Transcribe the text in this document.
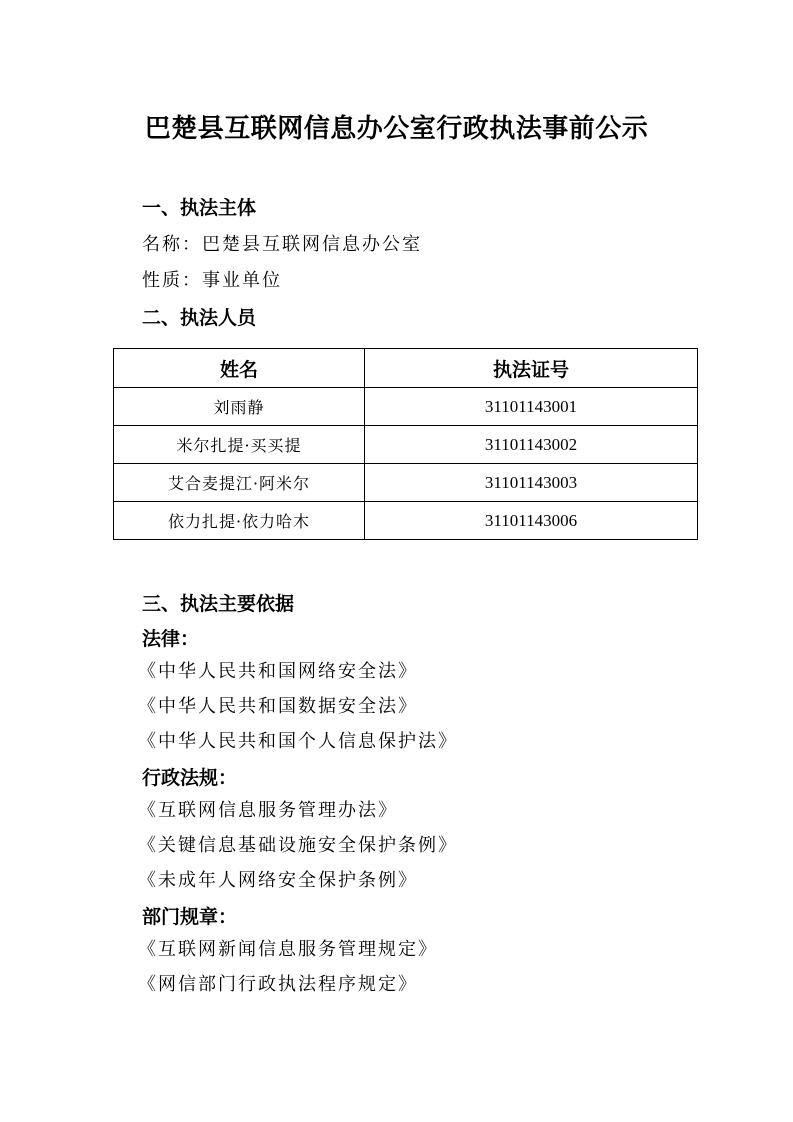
巴楚县互联网信息办公室行政执法事前公示

一、执法主体

名称：巴楚县互联网信息办公室

性质：事业单位

二、执法人员

姓名	执法证号
刘雨静	31101143001
米尔扎提·买买提	31101143002
艾合麦提江·阿米尔	31101143003
依力扎提·依力哈木	31101143006

三、执法主要依据

法律：

《中华人民共和国网络安全法》

《中华人民共和国数据安全法》

《中华人民共和国个人信息保护法》

行政法规：

《互联网信息服务管理办法》

《关键信息基础设施安全保护条例》

《未成年人网络安全保护条例》

部门规章：

《互联网新闻信息服务管理规定》

《网信部门行政执法程序规定》
